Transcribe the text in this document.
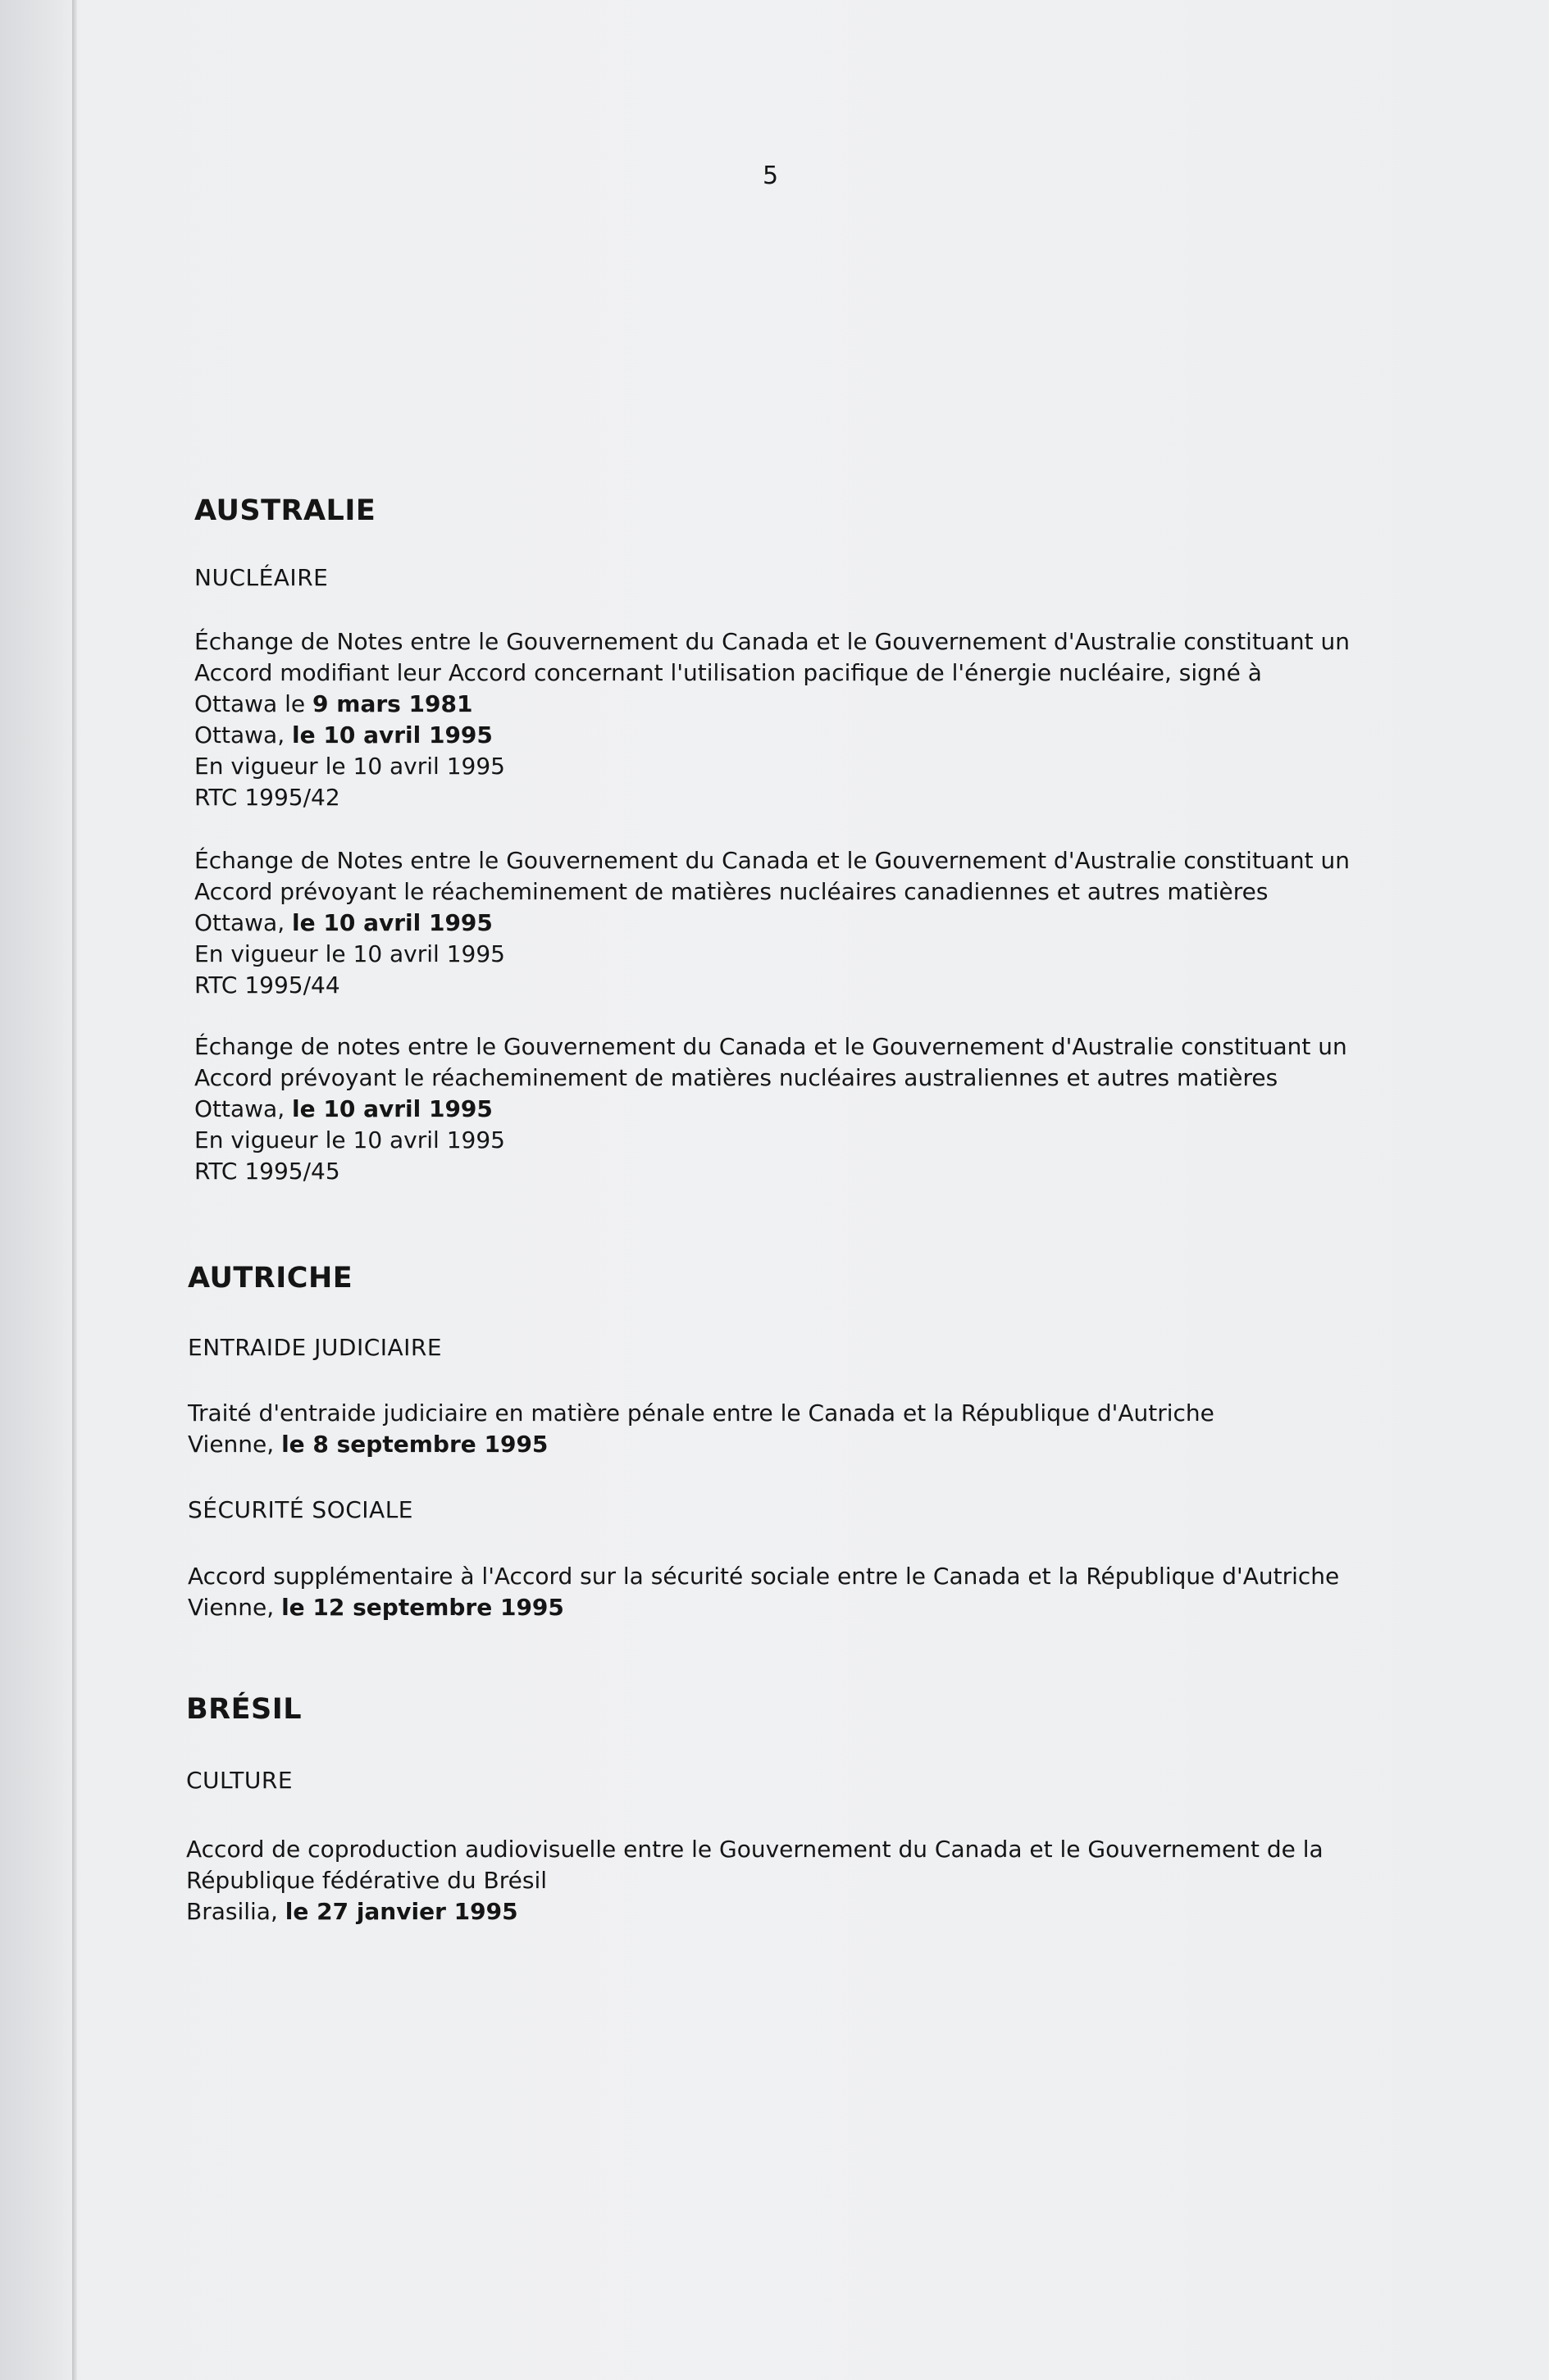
5
AUSTRALIE
NUCLÉAIRE
Échange de Notes entre le Gouvernement du Canada et le Gouvernement d'Australie constituant un
Accord modifiant leur Accord concernant l'utilisation pacifique de l'énergie nucléaire, signé à
Ottawa le 9 mars 1981
Ottawa, le 10 avril 1995
En vigueur le 10 avril 1995
RTC 1995/42
Échange de Notes entre le Gouvernement du Canada et le Gouvernement d'Australie constituant un
Accord prévoyant le réacheminement de matières nucléaires canadiennes et autres matières
Ottawa, le 10 avril 1995
En vigueur le 10 avril 1995
RTC 1995/44
Échange de notes entre le Gouvernement du Canada et le Gouvernement d'Australie constituant un
Accord prévoyant le réacheminement de matières nucléaires australiennes et autres matières
Ottawa, le 10 avril 1995
En vigueur le 10 avril 1995
RTC 1995/45
AUTRICHE
ENTRAIDE JUDICIAIRE
Traité d'entraide judiciaire en matière pénale entre le Canada et la République d'Autriche
Vienne, le 8 septembre 1995
SÉCURITÉ SOCIALE
Accord supplémentaire à l'Accord sur la sécurité sociale entre le Canada et la République d'Autriche
Vienne, le 12 septembre 1995
BRÉSIL
CULTURE
Accord de coproduction audiovisuelle entre le Gouvernement du Canada et le Gouvernement de la
République fédérative du Brésil
Brasilia, le 27 janvier 1995
